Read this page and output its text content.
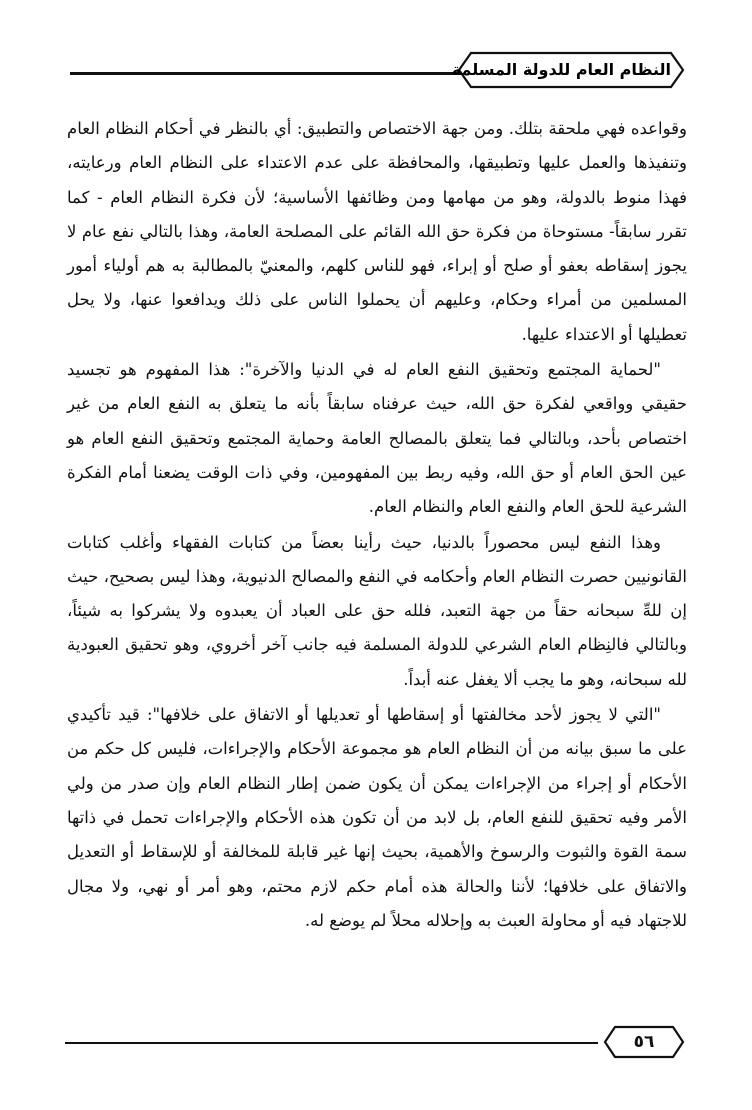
النظام العام للدولة المسلمة

وقواعده فهي ملحقة بتلك. ومن جهة الاختصاص والتطبيق: أي بالنظر في أحكام النظام العام وتنفيذها والعمل عليها وتطبيقها، والمحافظة على عدم الاعتداء على النظام العام ورعايته، فهذا منوط بالدولة، وهو من مهامها ومن وظائفها الأساسية؛ لأن فكرة النظام العام - كما تقرر سابقاً- مستوحاة من فكرة حق الله القائم على المصلحة العامة، وهذا بالتالي نفع عام لا يجوز إسقاطه بعفو أو صلح أو إبراء، فهو للناس كلهم، والمعنيّ بالمطالبة به هم أولياء أمور المسلمين من أمراء وحكام، وعليهم أن يحملوا الناس على ذلك ويدافعوا عنها، ولا يحل تعطيلها أو الاعتداء عليها.

"لحماية المجتمع وتحقيق النفع العام له في الدنيا والآخرة": هذا المفهوم هو تجسيد حقيقي وواقعي لفكرة حق الله، حيث عرفناه سابقاً بأنه ما يتعلق به النفع العام من غير اختصاص بأحد، وبالتالي فما يتعلق بالمصالح العامة وحماية المجتمع وتحقيق النفع العام هو عين الحق العام أو حق الله، وفيه ربط بين المفهومين، وفي ذات الوقت يضعنا أمام الفكرة الشرعية للحق العام والنفع العام والنظام العام.

وهذا النفع ليس محصوراً بالدنيا، حيث رأينا بعضاً من كتابات الفقهاء وأغلب كتابات القانونيين حصرت النظام العام وأحكامه في النفع والمصالح الدنيوية، وهذا ليس بصحيح، حيث إن للهِّ سبحانه حقاً من جهة التعبد، فلله حق على العباد أن يعبدوه ولا يشركوا به شيئاً، وبالتالي فالنِظام العام الشرعي للدولة المسلمة فيه جانب آخر أخروي، وهو تحقيق العبودية لله سبحانه، وهو ما يجب ألا يغفل عنه أبداً.

"التي لا يجوز لأحد مخالفتها أو إسقاطها أو تعديلها أو الاتفاق على خلافها": قيد تأكيدي على ما سبق بيانه من أن النظام العام هو مجموعة الأحكام والإجراءات، فليس كل حكم من الأحكام أو إجراء من الإجراءات يمكن أن يكون ضمن إطار النظام العام وإن صدر من ولي الأمر وفيه تحقيق للنفع العام، بل لابد من أن تكون هذه الأحكام والإجراءات تحمل في ذاتها سمة القوة والثبوت والرسوخ والأهمية، بحيث إنها غير قابلة للمخالفة أو للإسقاط أو التعديل والاتفاق على خلافها؛ لأننا والحالة هذه أمام حكم لازم محتم، وهو أمر أو نهي، ولا مجال للاجتهاد فيه أو محاولة العبث به وإحلاله محلاً لم يوضع له.

٥٦
